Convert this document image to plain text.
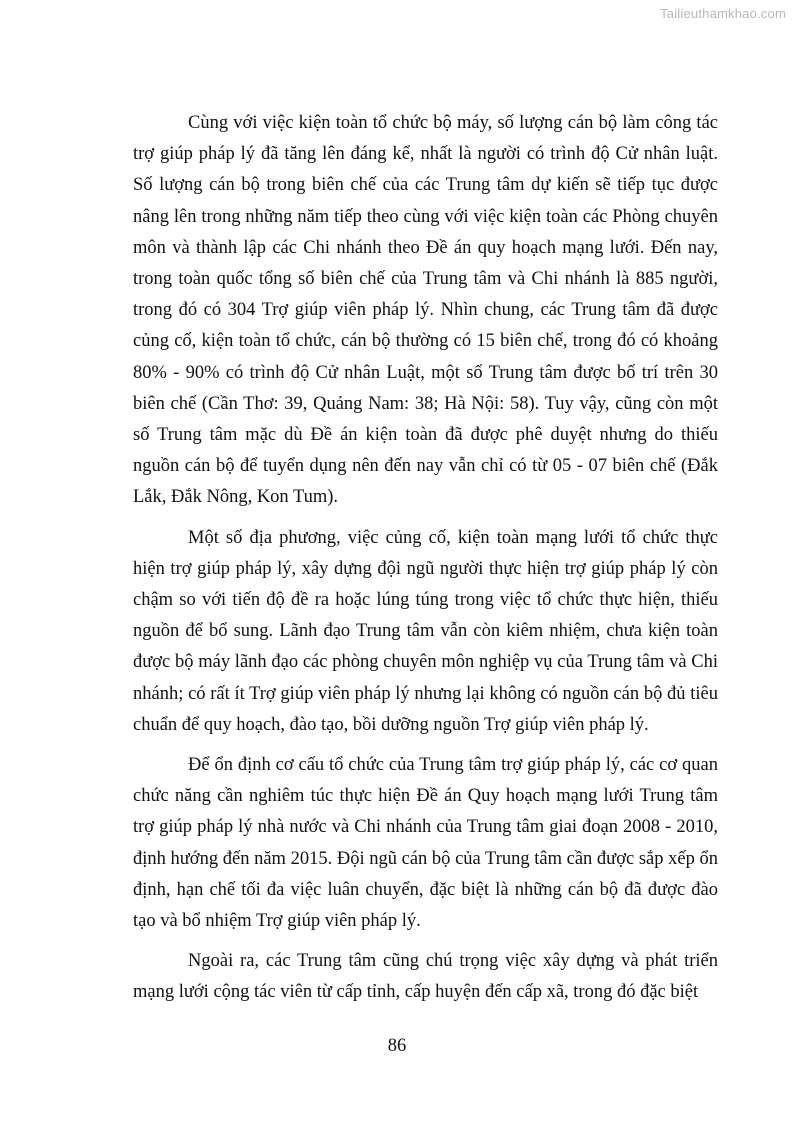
Tailieuthamkhao.com

Cùng với việc kiện toàn tổ chức bộ máy, số lượng cán bộ làm công tác trợ giúp pháp lý đã tăng lên đáng kể, nhất là người có trình độ Cử nhân luật. Số lượng cán bộ trong biên chế của các Trung tâm dự kiến sẽ tiếp tục được nâng lên trong những năm tiếp theo cùng với việc kiện toàn các Phòng chuyên môn và thành lập các Chi nhánh theo Đề án quy hoạch mạng lưới. Đến nay, trong toàn quốc tổng số biên chế của Trung tâm và Chi nhánh là 885 người, trong đó có 304 Trợ giúp viên pháp lý. Nhìn chung, các Trung tâm đã được củng cố, kiện toàn tổ chức, cán bộ thường có 15 biên chế, trong đó có khoảng 80% - 90% có trình độ Cử nhân Luật, một số Trung tâm được bố trí trên 30 biên chế (Cần Thơ: 39, Quảng Nam: 38; Hà Nội: 58). Tuy vậy, cũng còn một số Trung tâm mặc dù Đề án kiện toàn đã được phê duyệt nhưng do thiếu nguồn cán bộ để tuyển dụng nên đến nay vẫn chỉ có từ 05 - 07 biên chế (Đắk Lắk, Đắk Nông, Kon Tum).

Một số địa phương, việc củng cố, kiện toàn mạng lưới tổ chức thực hiện trợ giúp pháp lý, xây dựng đội ngũ người thực hiện trợ giúp pháp lý còn chậm so với tiến độ đề ra hoặc lúng túng trong việc tổ chức thực hiện, thiếu nguồn để bổ sung. Lãnh đạo Trung tâm vẫn còn kiêm nhiệm, chưa kiện toàn được bộ máy lãnh đạo các phòng chuyên môn nghiệp vụ của Trung tâm và Chi nhánh; có rất ít Trợ giúp viên pháp lý nhưng lại không có nguồn cán bộ đủ tiêu chuẩn để quy hoạch, đào tạo, bồi dưỡng nguồn Trợ giúp viên pháp lý.

Để ổn định cơ cấu tổ chức của Trung tâm trợ giúp pháp lý, các cơ quan chức năng cần nghiêm túc thực hiện Đề án Quy hoạch mạng lưới Trung tâm trợ giúp pháp lý nhà nước và Chi nhánh của Trung tâm giai đoạn 2008 - 2010, định hướng đến năm 2015. Đội ngũ cán bộ của Trung tâm cần được sắp xếp ổn định, hạn chế tối đa việc luân chuyển, đặc biệt là những cán bộ đã được đào tạo và bổ nhiệm Trợ giúp viên pháp lý.

Ngoài ra, các Trung tâm cũng chú trọng việc xây dựng và phát triển mạng lưới cộng tác viên từ cấp tỉnh, cấp huyện đến cấp xã, trong đó đặc biệt

86
